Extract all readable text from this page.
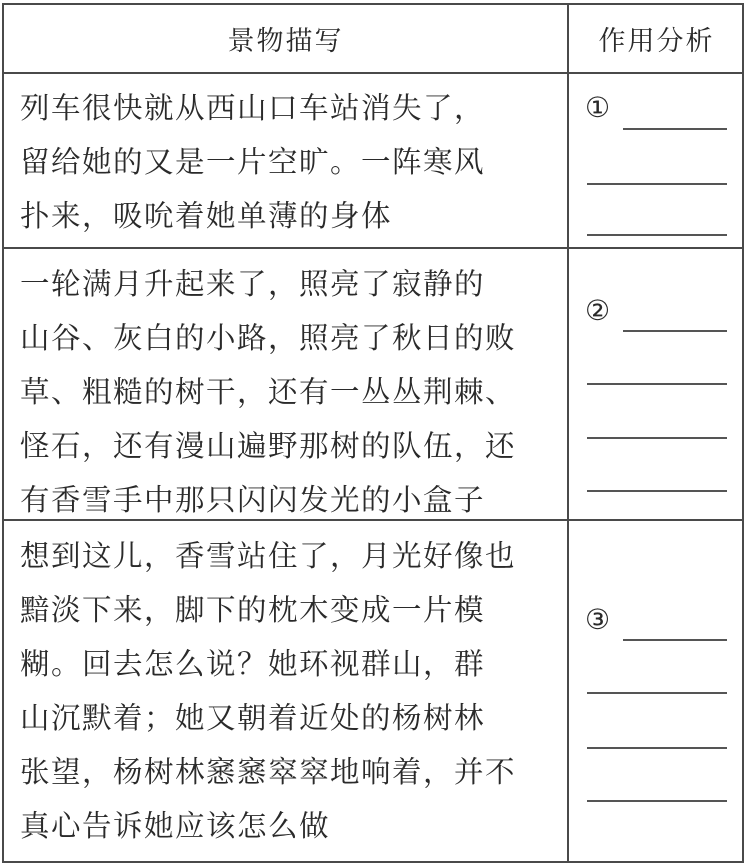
景物描写	作用分析
列车很快就从西山口车站消失了，
留给她的又是一片空旷。一阵寒风
扑来，吸吮着她单薄的身体
①
一轮满月升起来了，照亮了寂静的
山谷、灰白的小路，照亮了秋日的败
草、粗糙的树干，还有一丛丛荆棘、
怪石，还有漫山遍野那树的队伍，还
有香雪手中那只闪闪发光的小盒子
②
想到这儿，香雪站住了，月光好像也
黯淡下来，脚下的枕木变成一片模
糊。回去怎么说？她环视群山，群
山沉默着；她又朝着近处的杨树林
张望，杨树林窸窸窣窣地响着，并不
真心告诉她应该怎么做
③
